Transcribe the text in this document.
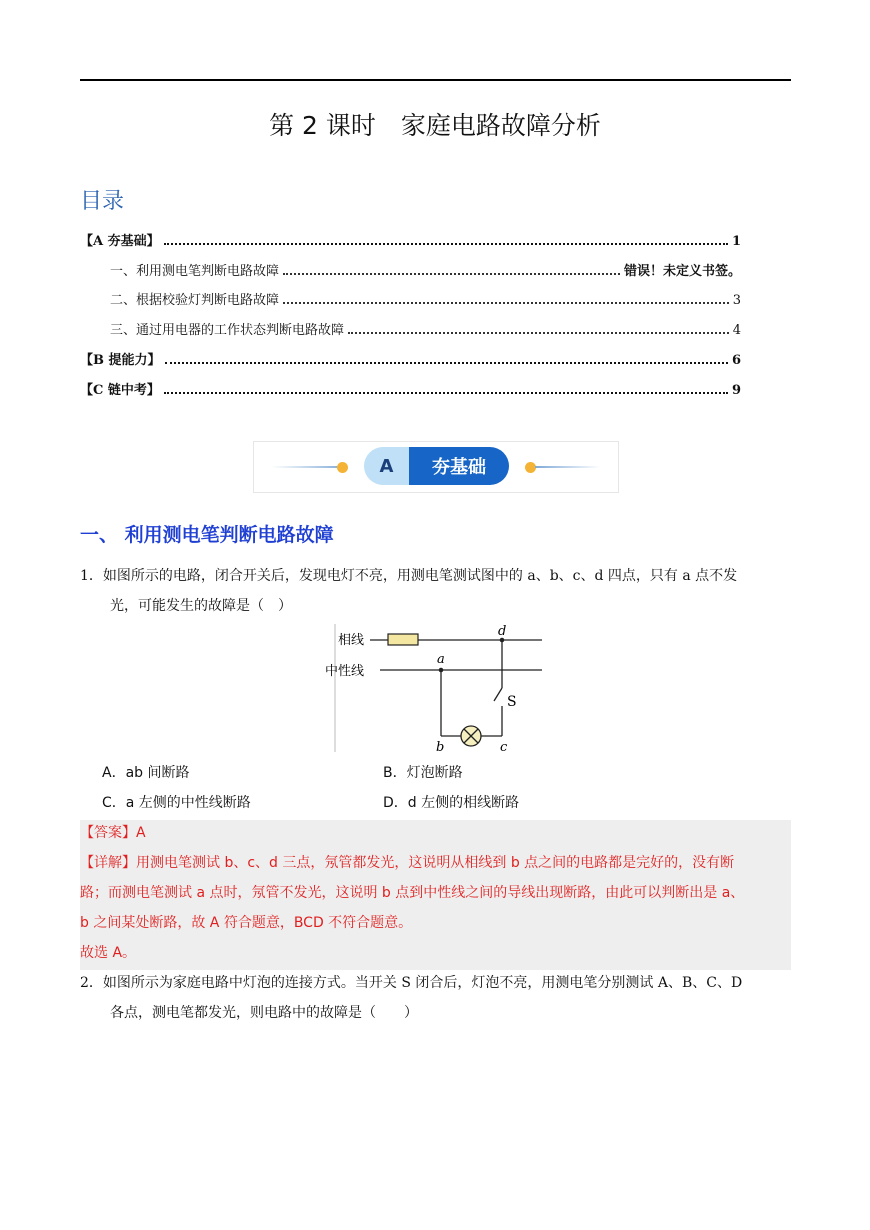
第 2 课时　家庭电路故障分析
目录
【A 夯基础】	1
一、利用测电笔判断电路故障	错误！未定义书签。
二、根据校验灯判断电路故障	3
三、通过用电器的工作状态判断电路故障	4
【B 提能力】	6
【C 链中考】	9
A	夯基础
一、 利用测电笔判断电路故障
1．如图所示的电路，闭合开关后，发现电灯不亮，用测电笔测试图中的 a、b、c、d 四点，只有 a 点不发
光，可能发生的故障是（　）
相线
中性线
a
d
S
b	c
A．ab 间断路	B．灯泡断路
C．a 左侧的中性线断路	D．d 左侧的相线断路
【答案】A
【详解】用测电笔测试 b、c、d 三点，氖管都发光，这说明从相线到 b 点之间的电路都是完好的，没有断
路；而测电笔测试 a 点时，氖管不发光，这说明 b 点到中性线之间的导线出现断路，由此可以判断出是 a、
b 之间某处断路，故 A 符合题意，BCD 不符合题意。
故选 A。
2．如图所示为家庭电路中灯泡的连接方式。当开关 S 闭合后，灯泡不亮，用测电笔分别测试 A、B、C、D
各点，测电笔都发光，则电路中的故障是（　　）
